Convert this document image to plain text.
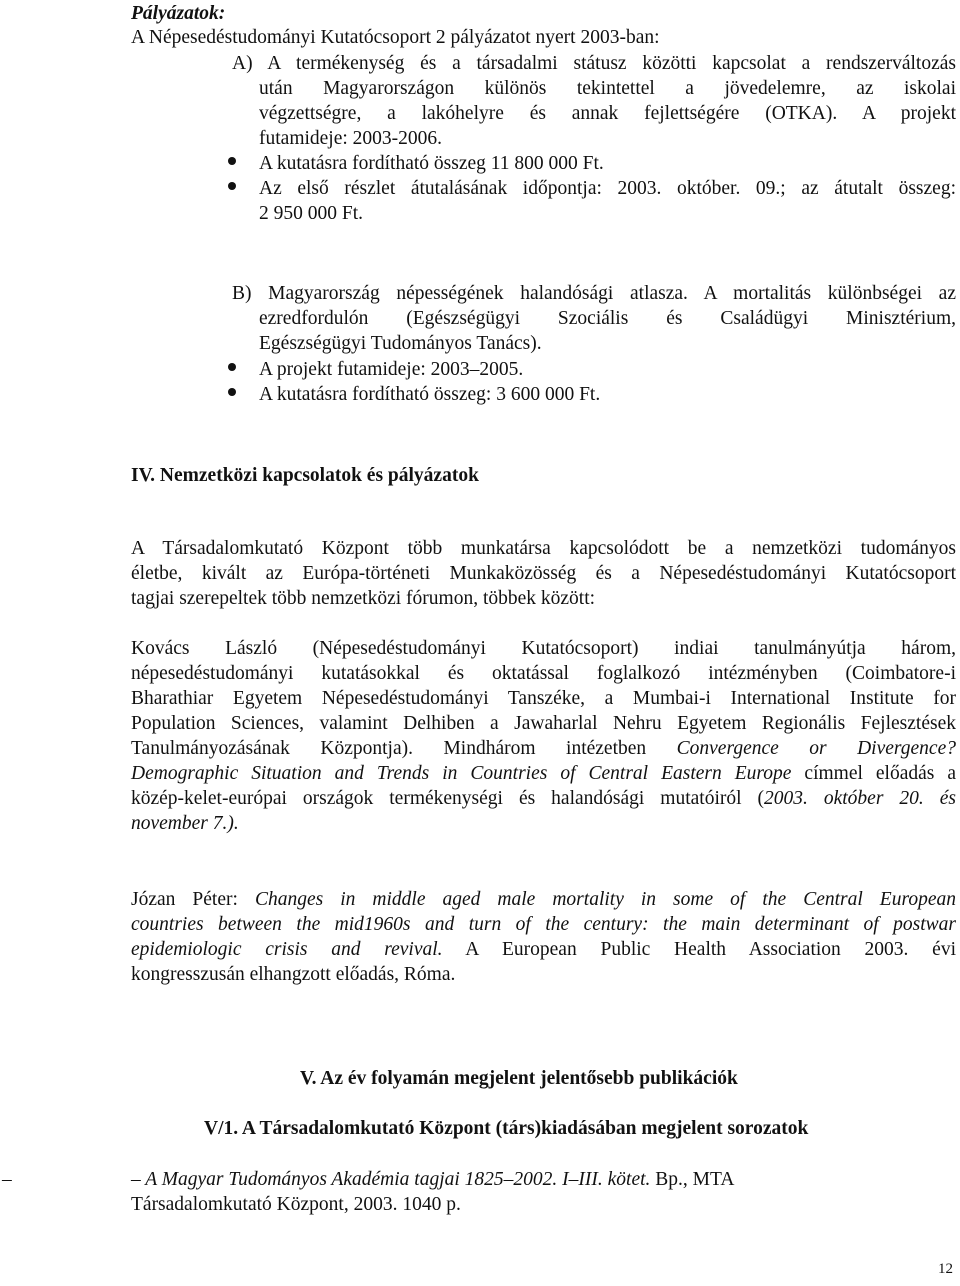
Pályázatok:
A Népesedéstudományi Kutatócsoport 2 pályázatot nyert 2003-ban:
A) A termékenység és a társadalmi státusz közötti kapcsolat a rendszerváltozás
után Magyarországon különös tekintettel a jövedelemre, az iskolai
végzettségre, a lakóhelyre és annak fejlettségére (OTKA). A projekt
futamideje: 2003-2006.
A kutatásra fordítható összeg 11 800 000 Ft.
Az első részlet átutalásának időpontja: 2003. október. 09.; az átutalt összeg:
2 950 000 Ft.
B) Magyarország népességének halandósági atlasza. A mortalitás különbségei az
ezredfordulón (Egészségügyi Szociális és Családügyi Minisztérium,
Egészségügyi Tudományos Tanács).
A projekt futamideje: 2003–2005.
A kutatásra fordítható összeg: 3 600 000 Ft.
IV. Nemzetközi kapcsolatok és pályázatok
A Társadalomkutató Központ több munkatársa kapcsolódott be a nemzetközi tudományos
életbe, kivált az Európa-történeti Munkaközösség és a Népesedéstudományi Kutatócsoport
tagjai szerepeltek több nemzetközi fórumon, többek között:
Kovács László (Népesedéstudományi Kutatócsoport) indiai tanulmányútja három,
népesedéstudományi kutatásokkal és oktatással foglalkozó intézményben (Coimbatore-i
Bharathiar Egyetem Népesedéstudományi Tanszéke, a Mumbai-i International Institute for
Population Sciences, valamint Delhiben a Jawaharlal Nehru Egyetem Regionális Fejlesztések
Tanulmányozásának Központja). Mindhárom intézetben Convergence or Divergence?
Demographic Situation and Trends in Countries of Central Eastern Europe címmel előadás a
közép-kelet-európai országok termékenységi és halandósági mutatóiról (2003. október 20. és
november 7.).
Józan Péter: Changes in middle aged male mortality in some of the Central European
countries between the mid1960s and turn of the century: the main determinant of postwar
epidemiologic crisis and revival. A European Public Health Association 2003. évi
kongresszusán elhangzott előadás, Róma.
V. Az év folyamán megjelent jelentősebb publikációk
V/1. A Társadalomkutató Központ (társ)kiadásában megjelent sorozatok
–	– A Magyar Tudományos Akadémia tagjai 1825–2002. I–III. kötet. Bp., MTA
Társadalomkutató Központ, 2003. 1040 p.
12
